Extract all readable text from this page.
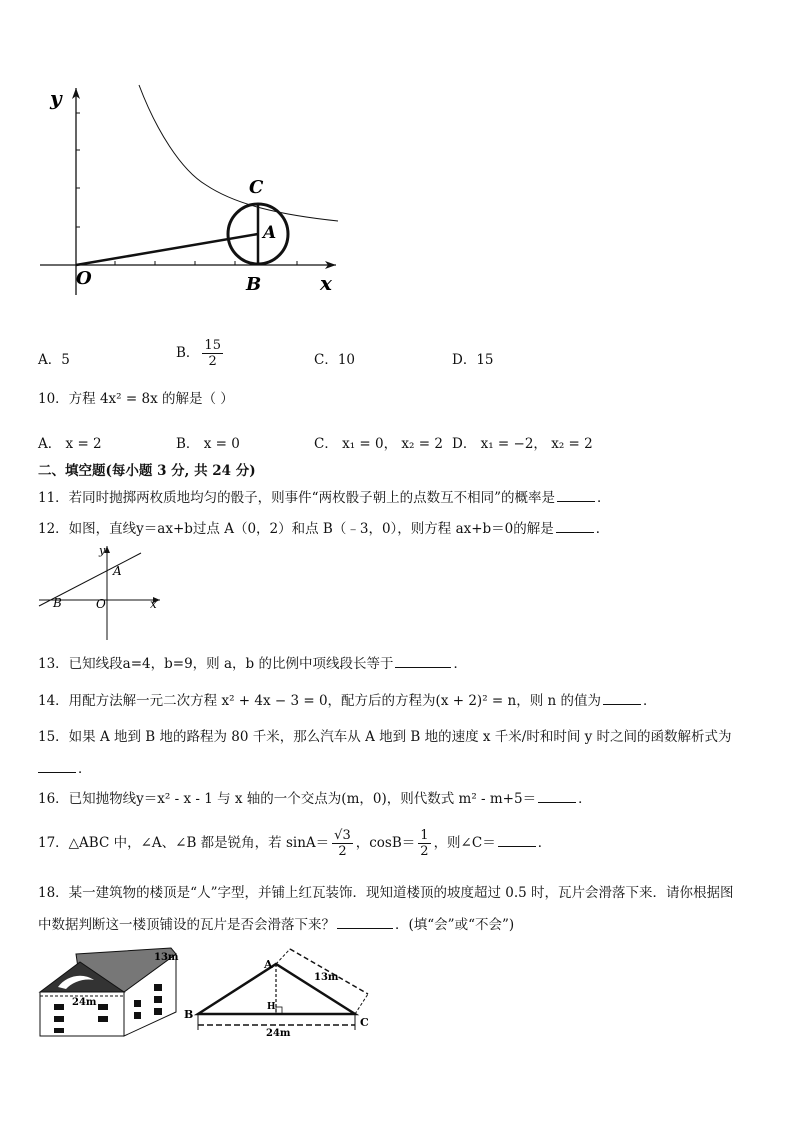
y
x
O
C
A
B
A．5	B． $\frac{15}{2}$	C．10	D．15
10．方程 4x² = 8x 的解是（ ）
A． x = 2	B． x = 0	C． x₁ = 0， x₂ = 2 D． x₁ = −2， x₂ = 2
二、填空题(每小题 3 分, 共 24 分)
11．若同时抛掷两枚质地均匀的骰子，则事件“两枚骰子朝上的点数互不相同”的概率是	．
12．如图，直线y＝ax+b过点 A（0，2）和点 B（﹣3，0），则方程 ax+b＝0的解是	．
y
x
A
B	O
13．已知线段a=4，b=9，则 a，b 的比例中项线段长等于	．
14．用配方法解一元二次方程 x² + 4x − 3 = 0，配方后的方程为(x + 2)² = n，则 n 的值为	．
15．如果 A 地到 B 地的路程为 80 千米，那么汽车从 A 地到 B 地的速度 x 千米/时和时间 y 时之间的函数解析式为
．
16．已知抛物线y＝x² - x - 1 与 x 轴的一个交点为(m，0)，则代数式 m² - m+5＝	．
17．△ABC 中，∠A、∠B 都是锐角，若 $\sin A= \frac{√3}{2}$ ，$\cos B= \frac{1}{2}$ ，则∠C＝	．
18．某一建筑物的楼顶是“人”字型，并铺上红瓦装饰．现知道楼顶的坡度超过 0.5 时，瓦片会滑落下来．请你根据图
中数据判断这一楼顶铺设的瓦片是否会滑落下来？	．(填“会”或“不会”)
13m
24m
A
B
C
H
13m
24m
